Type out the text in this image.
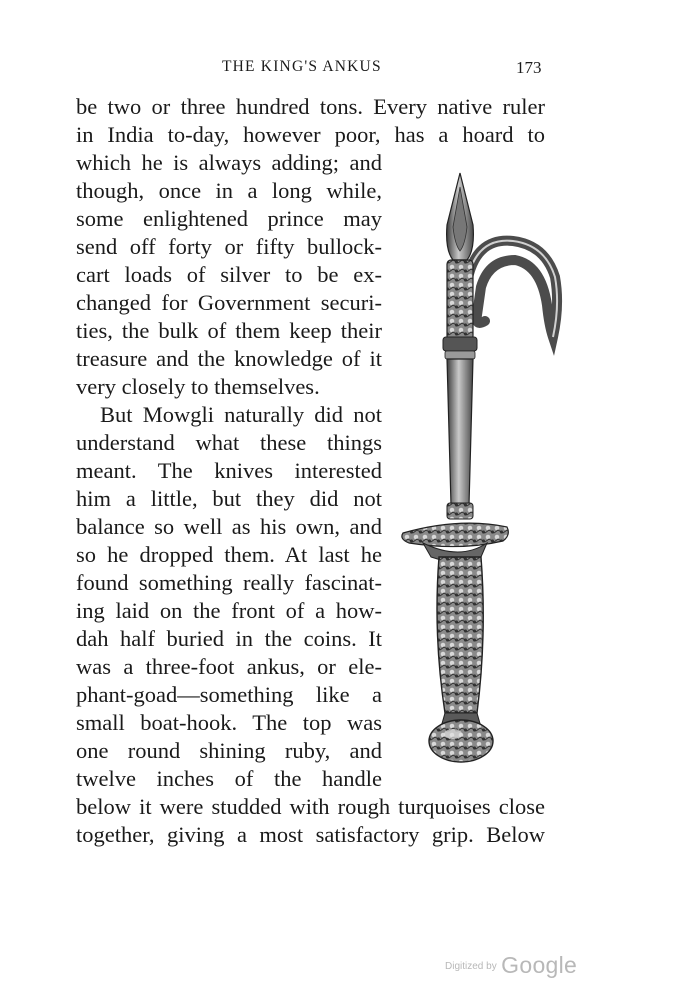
THE KING'S ANKUS	173
be two or three hundred tons. Every native ruler
in India to-day, however poor, has a hoard to
which he is always adding; and
though, once in a long while,
some enlightened prince may
send off forty or fifty bullock-
cart loads of silver to be ex-
changed for Government securi-
ties, the bulk of them keep their
treasure and the knowledge of it
very closely to themselves.
But Mowgli naturally did not
understand what these things
meant. The knives interested
him a little, but they did not
balance so well as his own, and
so he dropped them. At last he
found something really fascinat-
ing laid on the front of a how-
dah half buried in the coins. It
was a three-foot ankus, or ele-
phant-goad—something like a
small boat-hook. The top was
one round shining ruby, and
twelve inches of the handle
below it were studded with rough turquoises close
together, giving a most satisfactory grip. Below
$^{Digitized by}$ Google
